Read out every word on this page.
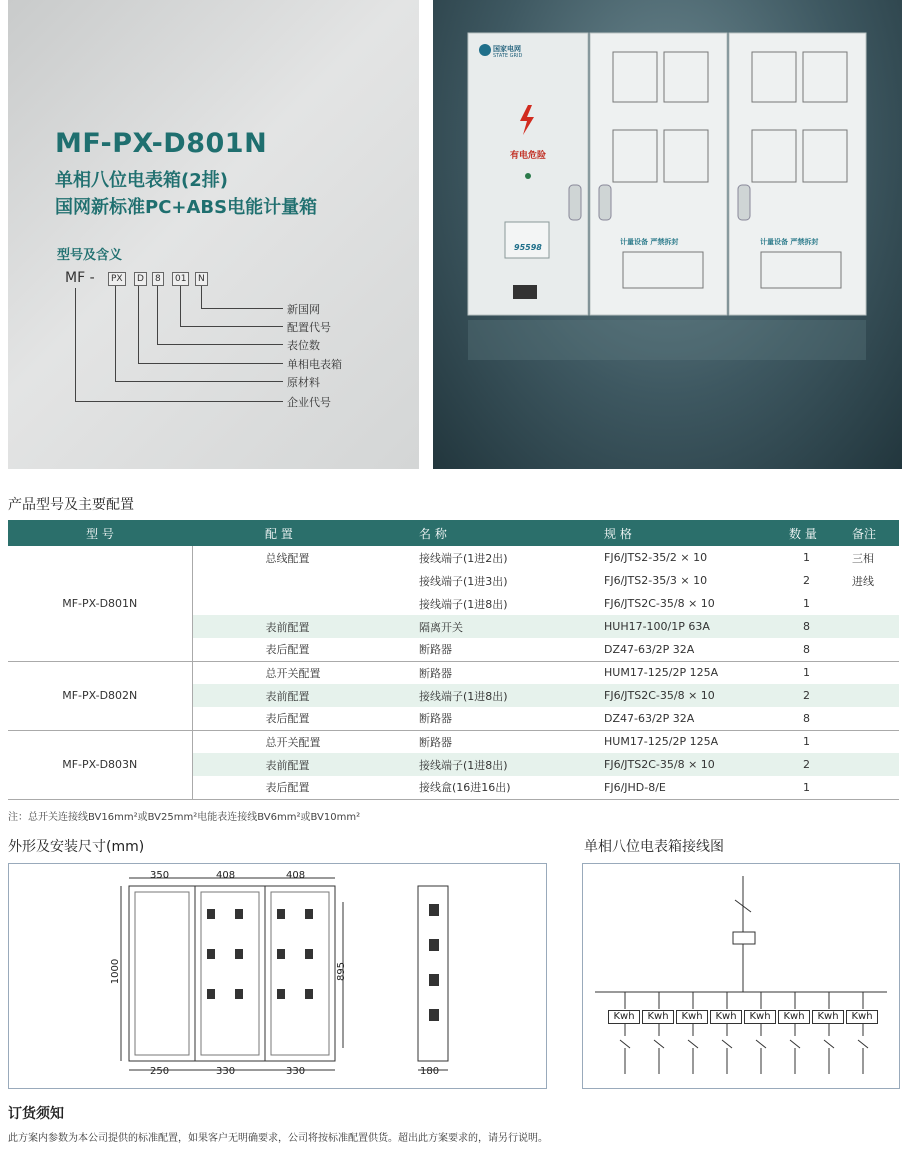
MF-PX-D801N
单相八位电表箱(2排)
国网新标准PC+ABS电能计量箱
型号及含义
MF -	PX	D	8	01	N
新国网
配置代号
表位数
单相电表箱
原材料
企业代号
国家电网
STATE GRID
有电危险
95598
计量设备 严禁拆封	计量设备 严禁拆封
产品型号及主要配置
型 号	配 置	名 称	规 格	数 量	备注
MF-PX-D801N	总线配置	接线端子(1进2出)	FJ6/JTS2-35/2 × 10	1	三相
		接线端子(1进3出)	FJ6/JTS2-35/3 × 10	2	进线
		接线端子(1进8出)	FJ6/JTS2C-35/8 × 10	1	
	表前配置	隔离开关	HUH17-100/1P 63A	8	
	表后配置	断路器	DZ47-63/2P 32A	8	
MF-PX-D802N	总开关配置	断路器	HUM17-125/2P 125A	1	
	表前配置	接线端子(1进8出)	FJ6/JTS2C-35/8 × 10	2	
	表后配置	断路器	DZ47-63/2P 32A	8	
MF-PX-D803N	总开关配置	断路器	HUM17-125/2P 125A	1	
	表前配置	接线端子(1进8出)	FJ6/JTS2C-35/8 × 10	2	
	表后配置	接线盒(16进16出)	FJ6/JHD-8/E	1	
注：总开关连接线BV16mm²或BV25mm²电能表连接线BV6mm²或BV10mm²
外形及安装尺寸(mm)
350	408	408
250	330	330
1000	895
180
单相八位电表箱接线图
订货须知
此方案内参数为本公司提供的标准配置，如果客户无明确要求，公司将按标准配置供货。超出此方案要求的，请另行说明。
Kwh	Kwh	Kwh	Kwh	Kwh	Kwh	Kwh	Kwh
